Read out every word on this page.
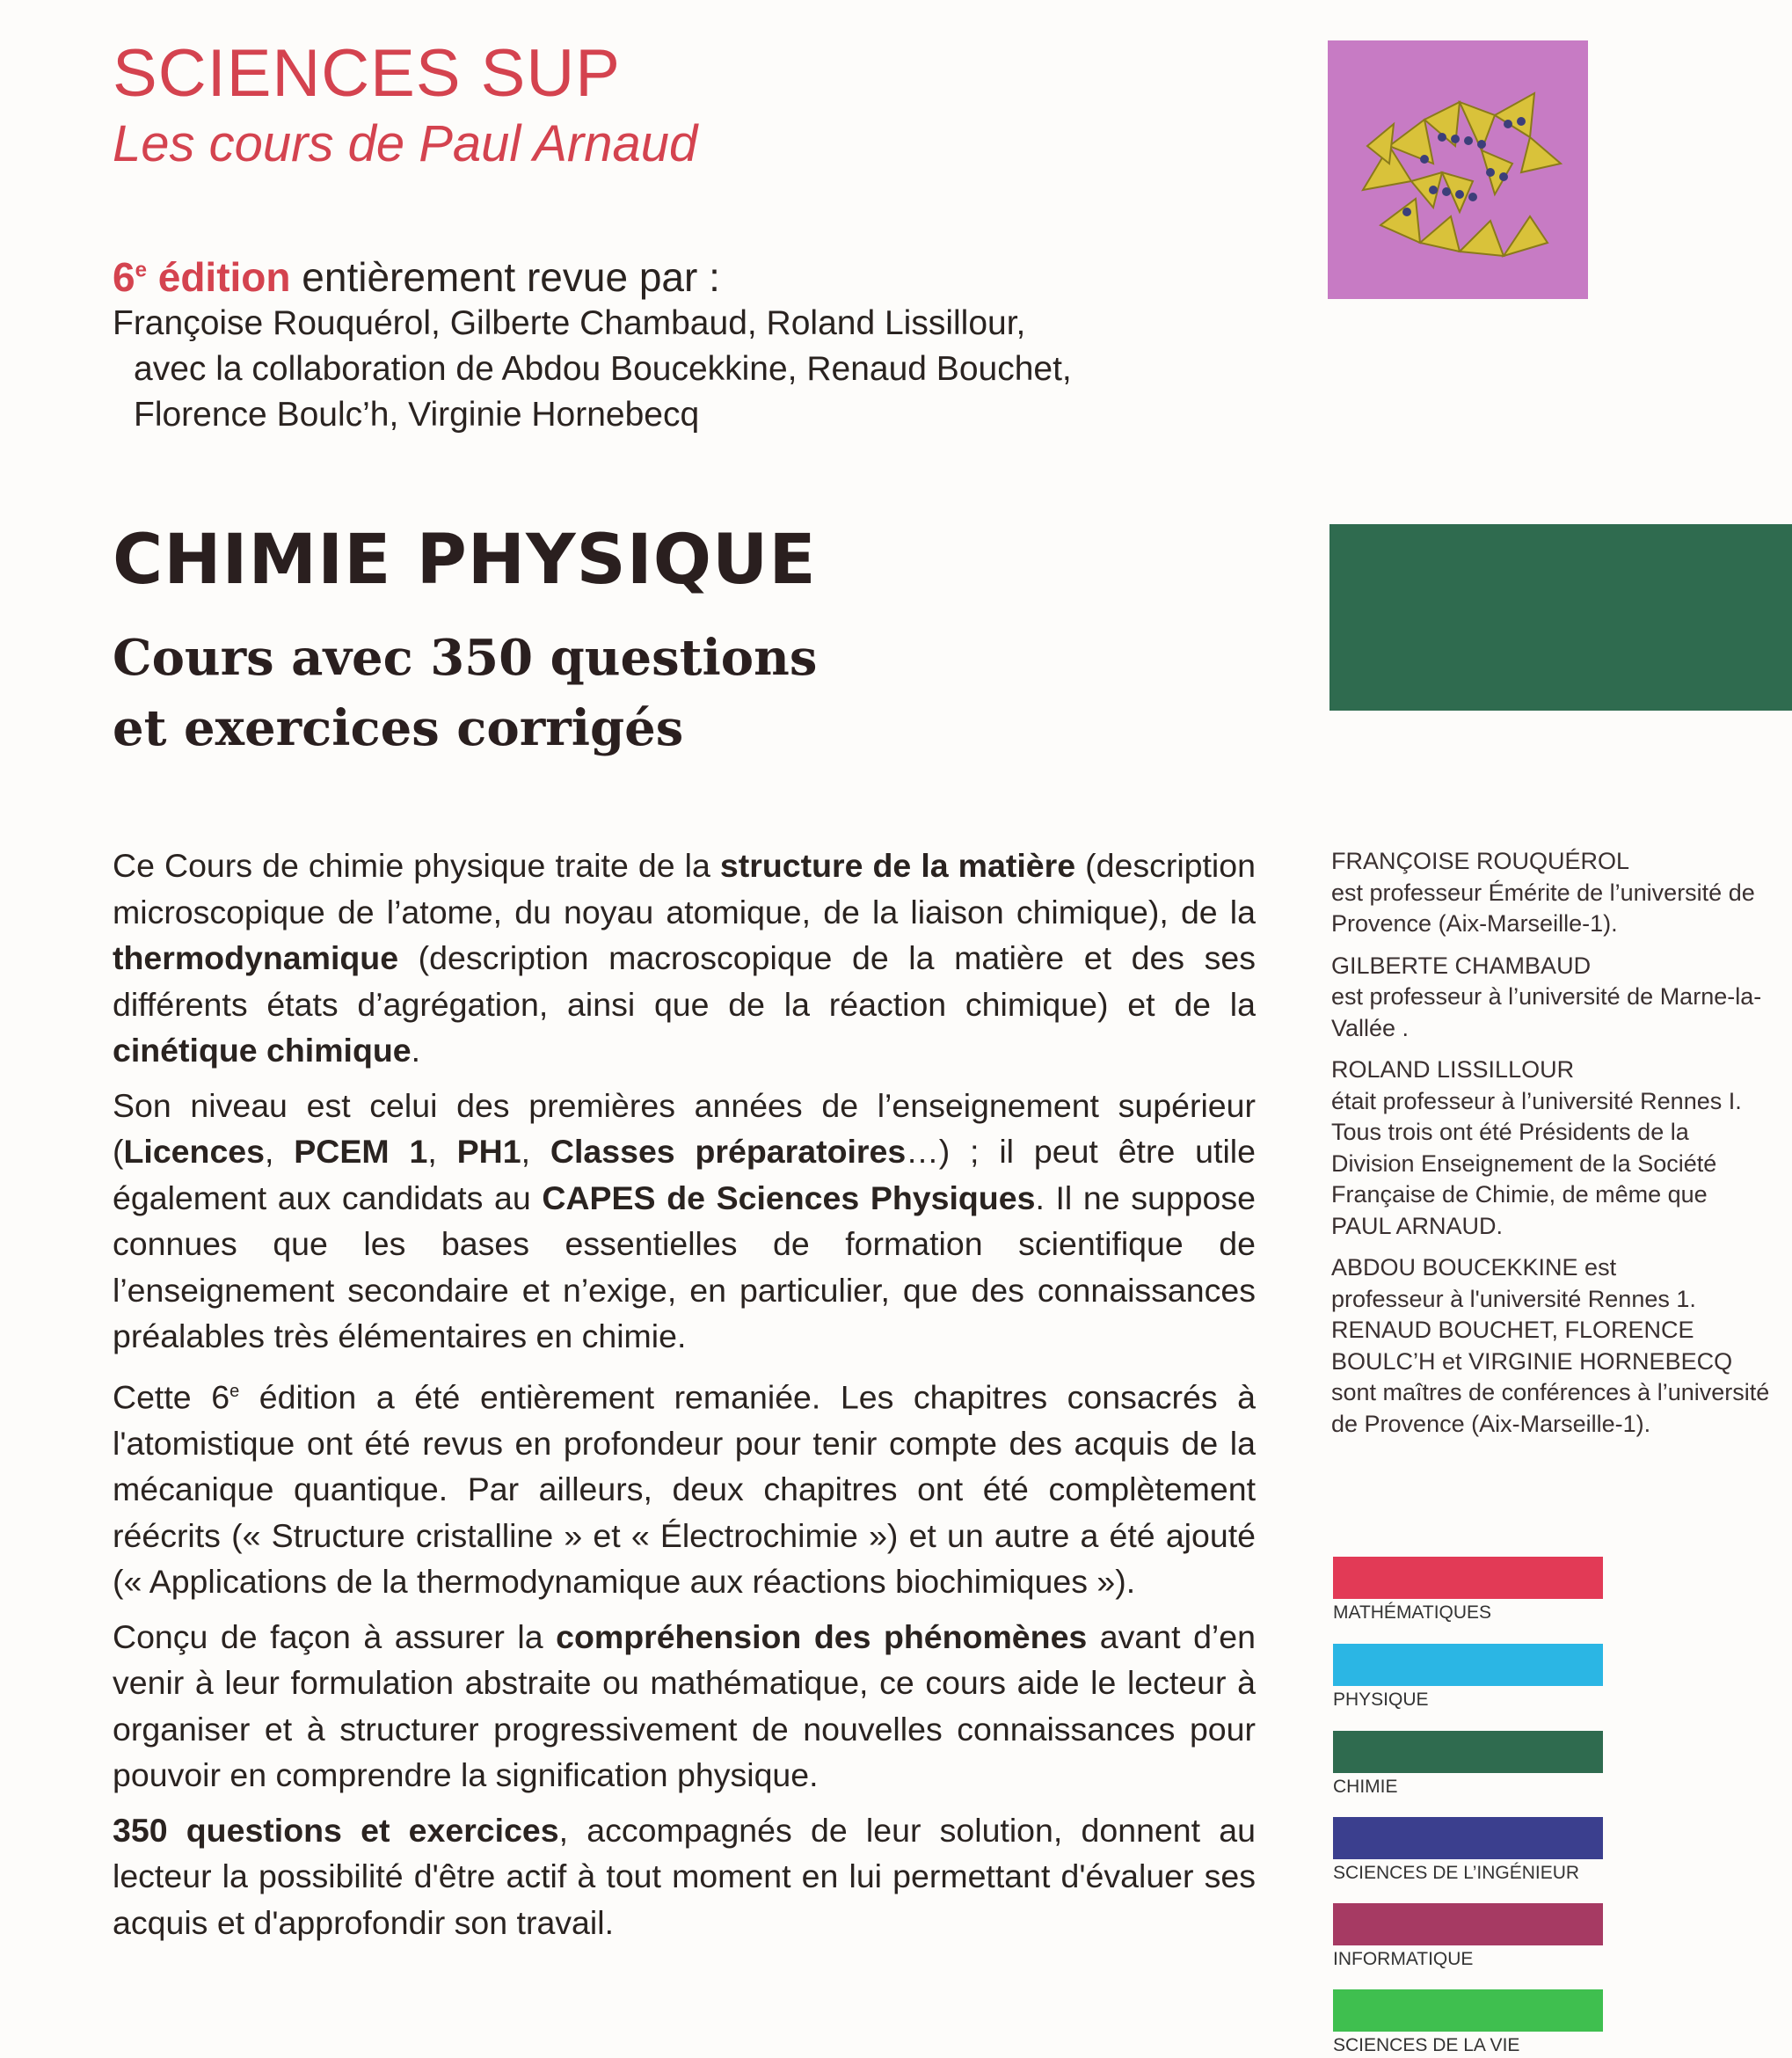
SCIENCES SUP
Les cours de Paul Arnaud
6e édition entièrement revue par :
Françoise Rouquérol, Gilberte Chambaud, Roland Lissillour,
avec la collaboration de Abdou Boucekkine, Renaud Bouchet,
Florence Boulc’h, Virginie Hornebecq
CHIMIE PHYSIQUE
Cours avec 350 questions
et exercices corrigés

Ce Cours de chimie physique traite de la structure de la matière (description microscopique de l’atome, du noyau atomique, de la liaison chimique), de la thermodynamique (description macroscopique de la matière et des ses différents états d’agrégation, ainsi que de la réaction chimique) et de la cinétique chimique.

Son niveau est celui des premières années de l’enseignement supérieur (Licences, PCEM 1, PH1, Classes préparatoires…) ; il peut être utile également aux candidats au CAPES de Sciences Physiques. Il ne suppose connues que les bases essentielles de formation scientifique de l’enseignement secondaire et n’exige, en particulier, que des connaissances préalables très élémentaires en chimie.

Cette 6e édition a été entièrement remaniée. Les chapitres consacrés à l'atomistique ont été revus en profondeur pour tenir compte des acquis de la mécanique quantique. Par ailleurs, deux chapitres ont été complètement réécrits (« Structure cristalline » et « Électrochimie ») et un autre a été ajouté (« Applications de la thermodynamique aux réactions biochimiques »).

Conçu de façon à assurer la compréhension des phénomènes avant d’en venir à leur formulation abstraite ou mathématique, ce cours aide le lecteur à organiser et à structurer progressivement de nouvelles connaissances pour pouvoir en comprendre la signification physique.

350 questions et exercices, accompagnés de leur solution, donnent au lecteur la possibilité d'être actif à tout moment en lui permettant d'évaluer ses acquis et d'approfondir son travail.

FRANÇOISE ROUQUÉROL
est professeur Émérite de l’université de Provence (Aix-Marseille-1).
GILBERTE CHAMBAUD
est professeur à l’université de Marne-la-Vallée .
ROLAND LISSILLOUR
était professeur à l’université Rennes I. Tous trois ont été Présidents de la Division Enseignement de la Société Française de Chimie, de même que PAUL ARNAUD.
ABDOU BOUCEKKINE est
professeur à l'université Rennes 1. RENAUD BOUCHET, FLORENCE BOULC’H et VIRGINIE HORNEBECQ sont maîtres de conférences à l’université de Provence (Aix-Marseille-1).
MATHÉMATIQUES
PHYSIQUE
CHIMIE
SCIENCES DE L’INGÉNIEUR
INFORMATIQUE
SCIENCES DE LA VIE
